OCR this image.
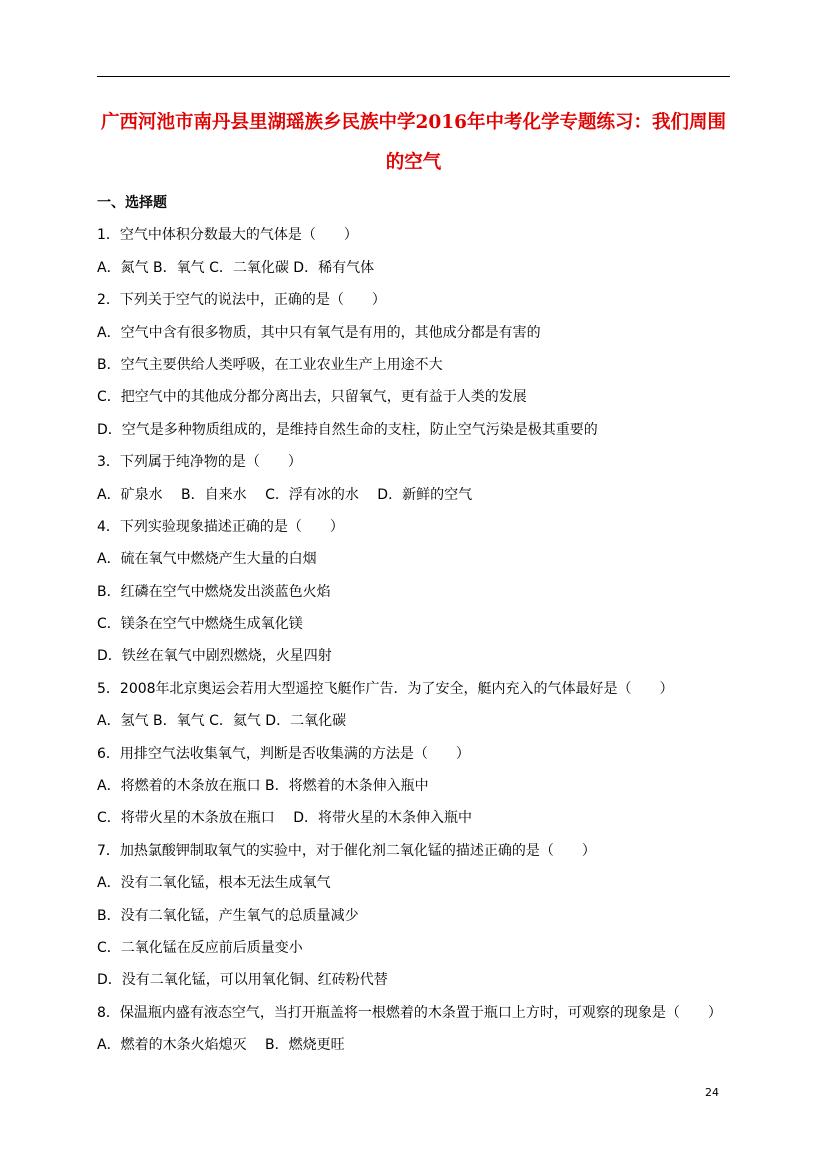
广西河池市南丹县里湖瑶族乡民族中学2016年中考化学专题练习：我们周围的空气
一、选择题
1．空气中体积分数最大的气体是（　　）
A．氮气 B．氧气 C．二氧化碳 D．稀有气体
2．下列关于空气的说法中，正确的是（　　）
A．空气中含有很多物质，其中只有氧气是有用的，其他成分都是有害的
B．空气主要供给人类呼吸，在工业农业生产上用途不大
C．把空气中的其他成分都分离出去，只留氧气，更有益于人类的发展
D．空气是多种物质组成的，是维持自然生命的支柱，防止空气污染是极其重要的
3．下列属于纯净物的是（　　）
A．矿泉水　 B．自来水　 C．浮有冰的水　 D．新鲜的空气
4．下列实验现象描述正确的是（　　）
A．硫在氧气中燃烧产生大量的白烟
B．红磷在空气中燃烧发出淡蓝色火焰
C．镁条在空气中燃烧生成氧化镁
D．铁丝在氧气中剧烈燃烧，火星四射
5．2008年北京奥运会若用大型遥控飞艇作广告．为了安全，艇内充入的气体最好是（　　）
A．氢气 B．氧气 C．氦气 D．二氧化碳
6．用排空气法收集氧气，判断是否收集满的方法是（　　）
A．将燃着的木条放在瓶口 B．将燃着的木条伸入瓶中
C．将带火星的木条放在瓶口　 D．将带火星的木条伸入瓶中
7．加热氯酸钾制取氧气的实验中，对于催化剂二氧化锰的描述正确的是（　　）
A．没有二氧化锰，根本无法生成氧气
B．没有二氧化锰，产生氧气的总质量减少
C．二氧化锰在反应前后质量变小
D．没有二氧化锰，可以用氧化铜、红砖粉代替
8．保温瓶内盛有液态空气，当打开瓶盖将一根燃着的木条置于瓶口上方时，可观察的现象是（　　）
A．燃着的木条火焰熄灭　 B．燃烧更旺
24
